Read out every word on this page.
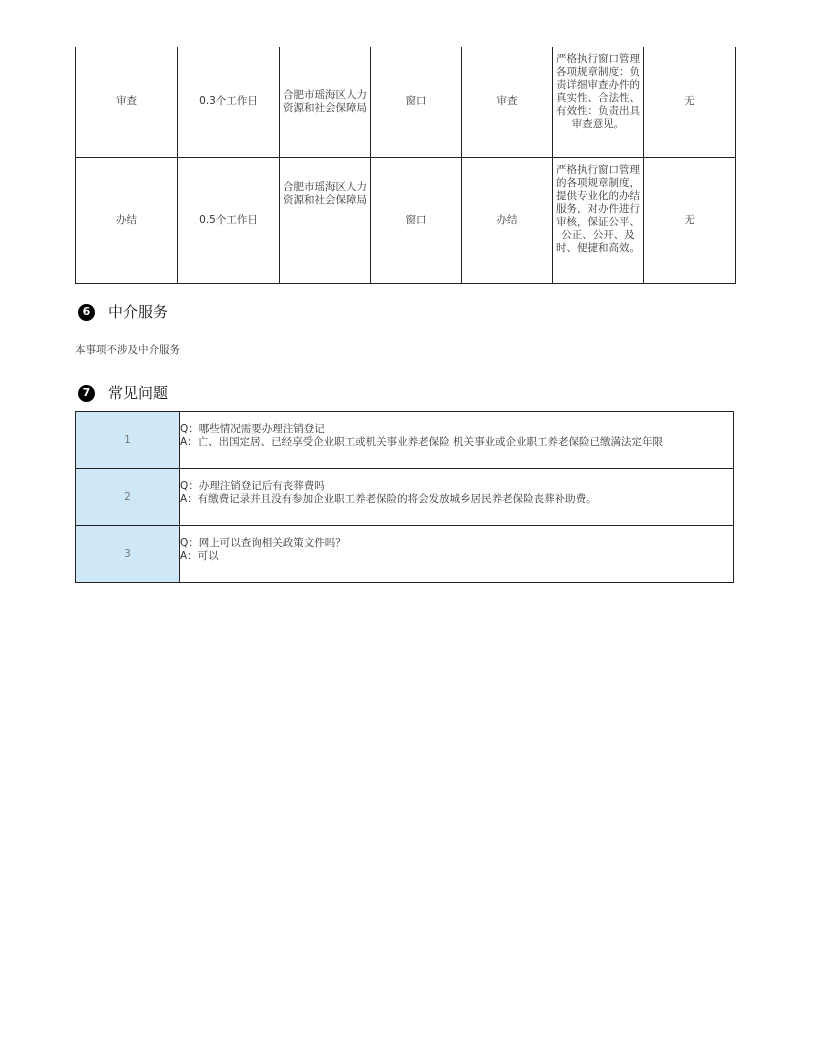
审查	0.3个工作日	合肥市瑶海区人力资源和社会保障局	窗口	审查	严格执行窗口管理各项规章制度：负责详细审查办件的真实性、合法性、有效性：负责出具审查意见。	无
办结	0.5个工作日	合肥市瑶海区人力资源和社会保障局	窗口	办结	严格执行窗口管理的各项规章制度，提供专业化的办结服务，对办件进行审核，保证公平、公正、公开、及时、便捷和高效。	无
6	中介服务
本事项不涉及中介服务
7	常见问题
1	Q：哪些情况需要办理注销登记
A：亡、出国定居、已经享受企业职工或机关事业养老保险 机关事业或企业职工养老保险已缴满法定年限

2	Q：办理注销登记后有丧葬费吗
A：有缴费记录并且没有参加企业职工养老保险的将会发放城乡居民养老保险丧葬补助费。

3	Q：网上可以查询相关政策文件吗？
A：可以
